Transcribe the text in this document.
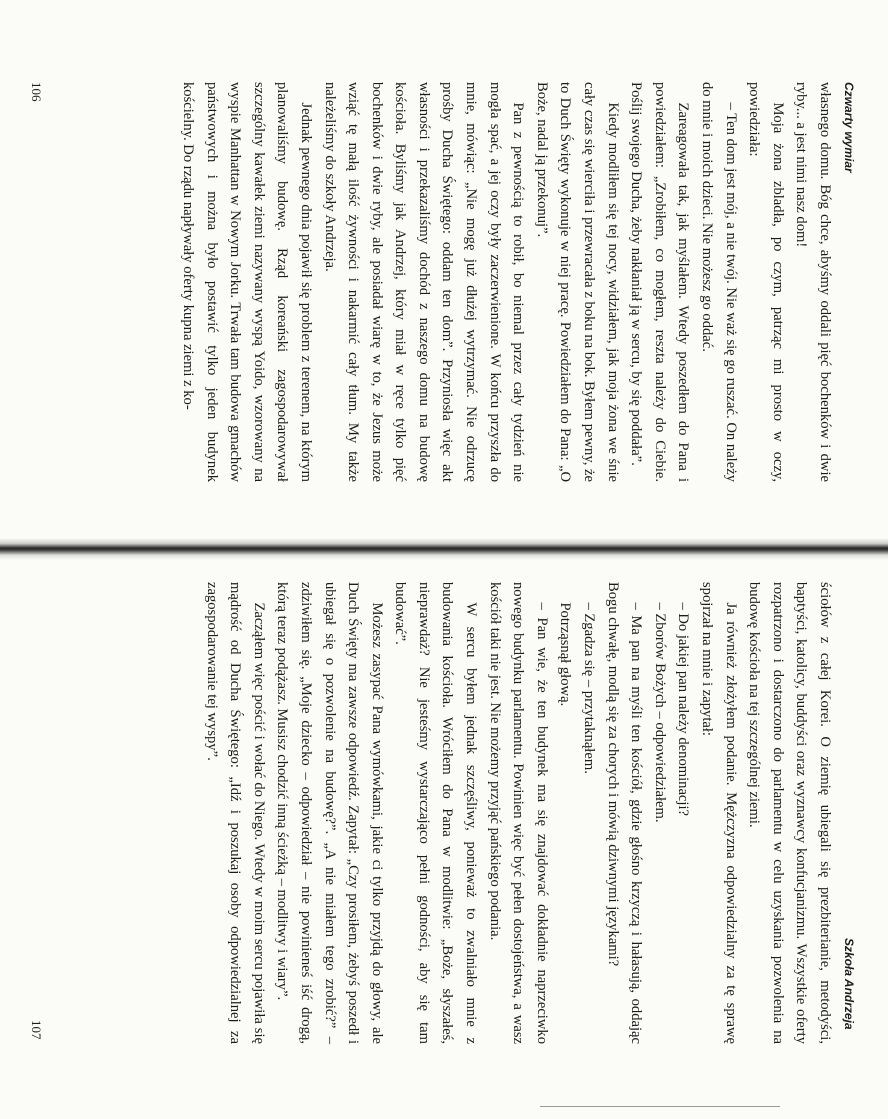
Czwarty wymiar

własnego domu. Bóg chce, abyśmy oddali pięć bochenków i dwie ryby... a jest nimi nasz dom!

Moja żona zbladła, po czym, patrząc mi prosto w oczy, powiedziała:

– Ten dom jest mój, a nie twój. Nie waż się go ruszać. On należy do mnie i moich dzieci. Nie możesz go oddać.

Zareagowała tak, jak myślałem. Wtedy poszedłem do Pana i powiedziałem: „Zrobiłem, co mogłem, reszta należy do Ciebie. Poślij swojego Ducha, żeby nakłaniał ją w sercu, by się poddała”.

Kiedy modliłem się tej nocy, widziałem, jak moja żona we śnie cały czas się wierciła i przewracała z boku na bok. Byłem pewny, że to Duch Święty wykonuje w niej pracę. Powiedziałem do Pana: „O Boże, nadal ją przekonuj”.

Pan z pewnością to robił, bo niemal przez cały tydzień nie mogła spać, a jej oczy były zaczerwienione. W końcu przyszła do mnie, mówiąc: „Nie mogę już dłużej wytrzymać. Nie odrzucę prośby Ducha Świętego: oddam ten dom”. Przyniosła więc akt własności i przekazaliśmy dochód z naszego domu na budowę kościoła. Byliśmy jak Andrzej, który miał w ręce tylko pięć bochenków i dwie ryby, ale posiadał wiarę w to, że Jezus może wziąć tę małą ilość żywności i nakarmić cały tłum. My także należeliśmy do szkoły Andrzeja.

Jednak pewnego dnia pojawił się problem z terenem, na którym planowaliśmy budowę. Rząd koreański zagospodarowywał szczególny kawałek ziemi nazywany wyspą Yoido, wzorowany na wyspie Manhattan w Nowym Jorku. Trwała tam budowa gmachów państwowych i można było postawić tylko jeden budynek kościelny. Do rządu napływały oferty kupna ziemi z ko-

106
Szkoła Andrzeja

ściołów z całej Korei. O ziemię ubiegali się prezbiterianie, metodyści, baptyści, katolicy, buddyści oraz wyznawcy konfucjanizmu. Wszystkie oferty rozpatrzono i dostarczono do parlamentu w celu uzyskania pozwolenia na budowę kościoła na tej szczególnej ziemi.

Ja również złożyłem podanie. Mężczyzna odpowiedzialny za tę sprawę spojrzał na mnie i zapytał:

– Do jakiej pan należy denominacji?

– Zborów Bożych – odpowiedziałem.

– Ma pan na myśli ten kościół, gdzie głośno krzyczą i hałasują, oddając Bogu chwałę, modlą się za chorych i mówią dziwnymi językami?

– Zgadza się – przytaknąłem.

Potrząsnął głową.

– Pan wie, że ten budynek ma się znajdować dokładnie naprzeciwko nowego budynku parlamentu. Powinien więc być pełen dostojeństwa, a wasz kościół taki nie jest. Nie możemy przyjąć pańskiego podania.

W sercu byłem jednak szczęśliwy, ponieważ to zwalniało mnie z budowania kościoła. Wróciłem do Pana w modlitwie: „Boże, słyszałeś, nieprawdaż? Nie jesteśmy wystarczająco pełni godności, aby się tam budować”.

Możesz zasypać Pana wymówkami, jakie ci tylko przyjdą do głowy, ale Duch Święty ma zawsze odpowiedź. Zapytał: „Czy prosiłem, żebyś poszedł i ubiegał się o pozwolenie na budowę?”. „A nie miałem tego zrobić?” – zdziwiłem się. „Moje dziecko – odpowiedział – nie powinieneś iść drogą, którą teraz podążasz. Musisz chodzić inną ścieżką – modlitwy i wiary”.

Zacząłem więc pościć i wołać do Niego. Wtedy w moim sercu pojawiła się mądrość od Ducha Świętego: „Idź i poszukaj osoby odpowiedzialnej za zagospodarowanie tej wyspy”.

107
